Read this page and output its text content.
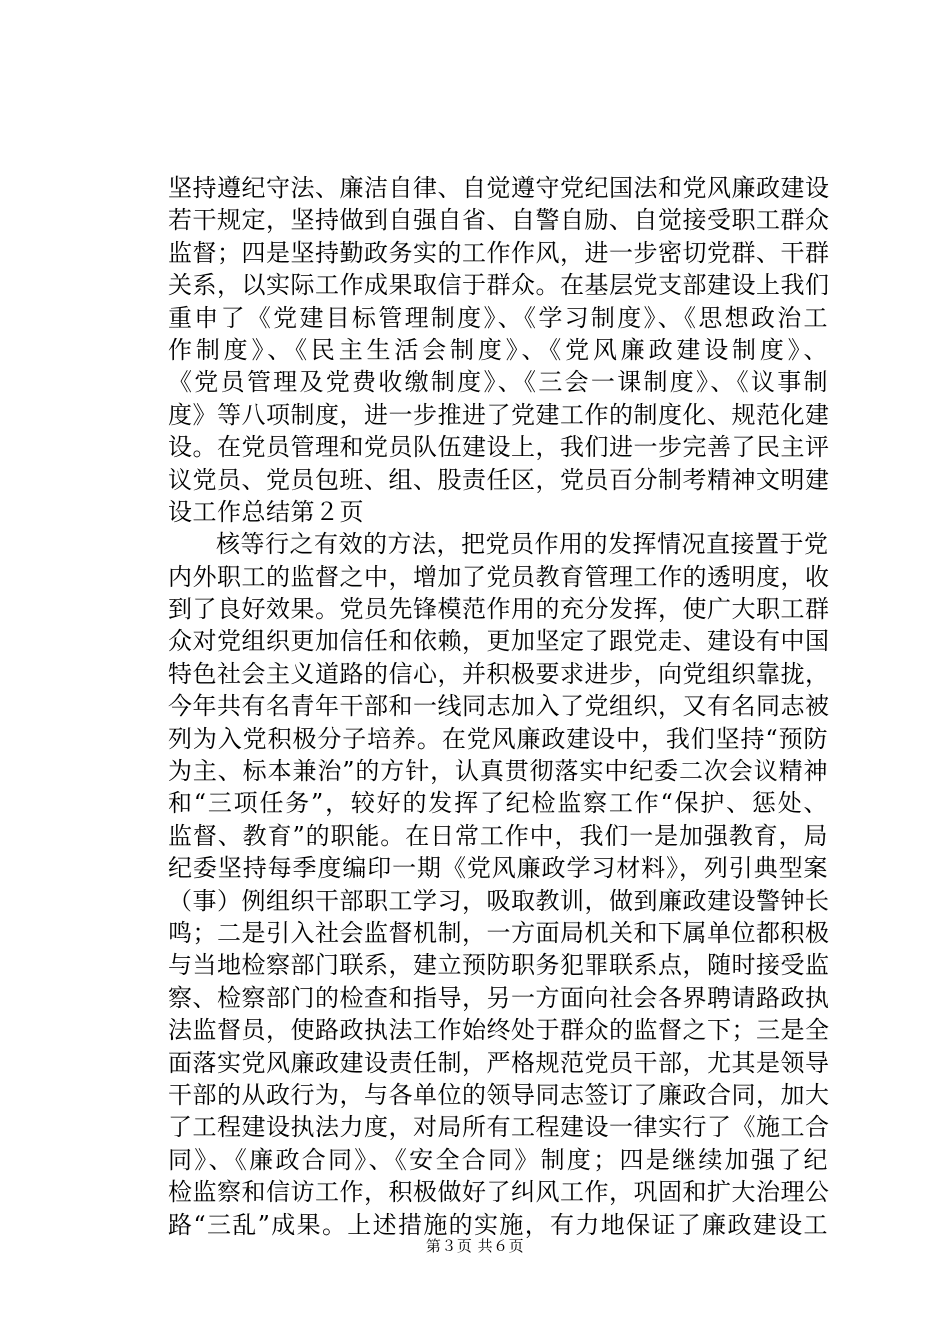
坚持遵纪守法、廉洁自律、自觉遵守党纪国法和党风廉政建设
若干规定，坚持做到自强自省、自警自励、自觉接受职工群众
监督；四是坚持勤政务实的工作作风，进一步密切党群、干群
关系，以实际工作成果取信于群众。在基层党支部建设上我们
重申了《党建目标管理制度》、《学习制度》、《思想政治工
作制度》、《民主生活会制度》、《党风廉政建设制度》、
《党员管理及党费收缴制度》、《三会一课制度》、《议事制
度》等八项制度，进一步推进了党建工作的制度化、规范化建
设。在党员管理和党员队伍建设上，我们进一步完善了民主评
议党员、党员包班、组、股责任区，党员百分制考精神文明建
设工作总结第２页
核等行之有效的方法，把党员作用的发挥情况直接置于党
内外职工的监督之中，增加了党员教育管理工作的透明度，收
到了良好效果。党员先锋模范作用的充分发挥，使广大职工群
众对党组织更加信任和依赖，更加坚定了跟党走、建设有中国
特色社会主义道路的信心，并积极要求进步，向党组织靠拢，
今年共有名青年干部和一线同志加入了党组织，又有名同志被
列为入党积极分子培养。在党风廉政建设中，我们坚持“预防
为主、标本兼治”的方针，认真贯彻落实中纪委二次会议精神
和“三项任务”，较好的发挥了纪检监察工作“保护、惩处、
监督、教育”的职能。在日常工作中，我们一是加强教育，局
纪委坚持每季度编印一期《党风廉政学习材料》，列引典型案
（事）例组织干部职工学习，吸取教训，做到廉政建设警钟长
鸣；二是引入社会监督机制，一方面局机关和下属单位都积极
与当地检察部门联系，建立预防职务犯罪联系点，随时接受监
察、检察部门的检查和指导，另一方面向社会各界聘请路政执
法监督员，使路政执法工作始终处于群众的监督之下；三是全
面落实党风廉政建设责任制，严格规范党员干部，尤其是领导
干部的从政行为，与各单位的领导同志签订了廉政合同，加大
了工程建设执法力度，对局所有工程建设一律实行了《施工合
同》、《廉政合同》、《安全合同》制度；四是继续加强了纪
检监察和信访工作，积极做好了纠风工作，巩固和扩大治理公
路“三乱”成果。上述措施的实施，有力地保证了廉政建设工
第３页 共６页
